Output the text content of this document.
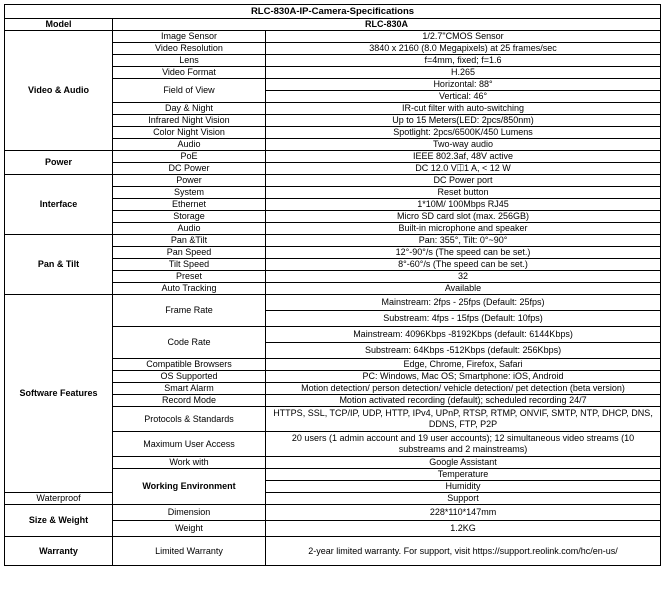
RLC-830A-IP-Camera-Specifications			
Model	RLC-830A		
Video & Audio	Image Sensor	1/2.7"CMOS Sensor	
	Video Resolution	3840 x 2160 (8.0 Megapixels) at 25 frames/sec	
	Lens	f=4mm, fixed; f=1.6	
	Video Format	H.265	
	Field of View	Horizontal: 88°	
		Vertical: 46°	
	Day & Night	IR-cut filter with auto-switching	
	Infrared Night Vision	Up to 15 Meters(LED: 2pcs/850nm)	
	Color Night Vision	Spotlight: 2pcs/6500K/450 Lumens	
	Audio	Two-way audio	
Power	PoE	IEEE 802.3af, 48V active	
	DC Power	DC 12.0 V⎅1 A, < 12 W	
Interface	Power	DC Power port	
	System	Reset button	
	Ethernet	1*10M/ 100Mbps RJ45	
	Storage	Micro SD card slot (max. 256GB)	
	Audio	Built-in microphone and speaker	
Pan & Tilt	Pan &Tilt	Pan: 355°, Tilt: 0°~90°	
	Pan Speed	12°-90°/s (The speed can be set.)	
	Tilt Speed	8°-60°/s (The speed can be set.)	
	Preset	32	
	Auto Tracking	Available	
Software Features	Frame Rate	Mainstream: 2fps - 25fps (Default: 25fps)	
		Substream: 4fps - 15fps (Default: 10fps)	
	Code Rate	Mainstream: 4096Kbps -8192Kbps (default: 6144Kbps)	
		Substream: 64Kbps -512Kbps (default: 256Kbps)	
	Compatible Browsers	Edge, Chrome, Firefox, Safari	
	OS Supported	PC: Windows, Mac OS; Smartphone: iOS, Android	
	Smart Alarm	Motion detection/ person detection/ vehicle detection/ pet detection (beta version)	
	Record Mode	Motion activated recording (default); scheduled recording 24/7	
	Protocols & Standards	HTTPS, SSL, TCP/IP, UDP, HTTP, IPv4, UPnP, RTSP, RTMP, ONVIF, SMTP, NTP, DHCP, DNS, DDNS, FTP, P2P	
	Maximum User Access	20 users (1 admin account and 19 user accounts); 12 simultaneous video streams (10 substreams and 2 mainstreams)	
	Work with	Google Assistant	
	Working Environment	Temperature	
		Humidity	
Waterproof		Support	
Size & Weight	Dimension	228*110*147mm	
	Weight	1.2KG	
Warranty	Limited Warranty	2-year limited warranty. For support, visit https://support.reolink.com/hc/en-us/	
